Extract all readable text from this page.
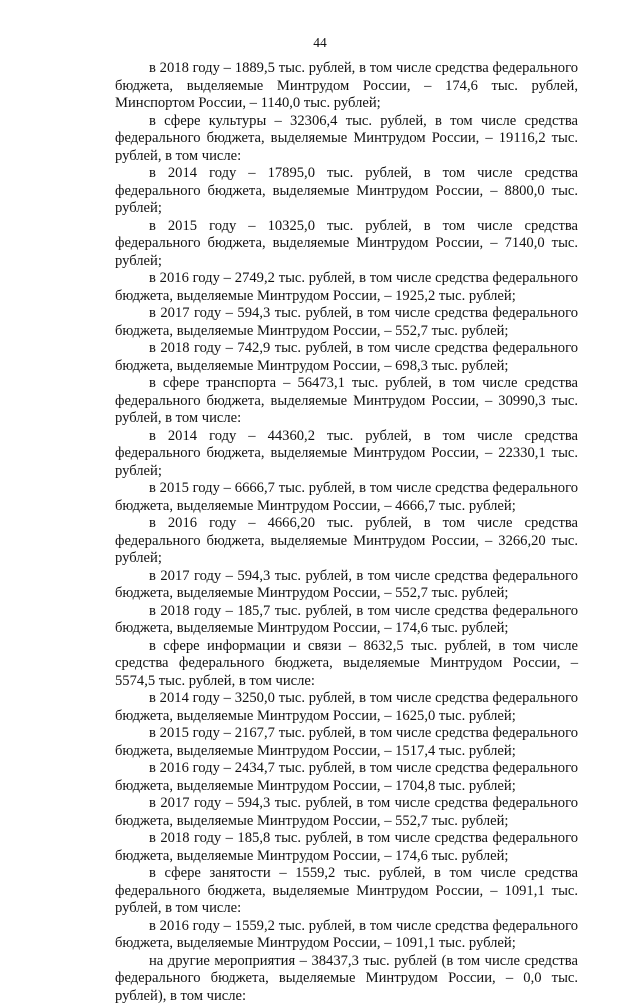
44

в 2018 году – 1889,5 тыс. рублей, в том числе средства федерального бюджета, выделяемые Минтрудом России, – 174,6 тыс. рублей, Минспортом России, – 1140,0 тыс. рублей;

в сфере культуры – 32306,4 тыс. рублей, в том числе средства федерального бюджета, выделяемые Минтрудом России, – 19116,2 тыс. рублей, в том числе:

в 2014 году – 17895,0 тыс. рублей, в том числе средства федерального бюджета, выделяемые Минтрудом России, – 8800,0 тыс. рублей;

в 2015 году – 10325,0 тыс. рублей, в том числе средства федерального бюджета, выделяемые Минтрудом России, – 7140,0 тыс. рублей;

в 2016 году – 2749,2 тыс. рублей, в том числе средства федерального бюджета, выделяемые Минтрудом России, – 1925,2 тыс. рублей;

в 2017 году – 594,3 тыс. рублей, в том числе средства федерального бюджета, выделяемые Минтрудом России, – 552,7 тыс. рублей;

в 2018 году – 742,9 тыс. рублей, в том числе средства федерального бюджета, выделяемые Минтрудом России, – 698,3 тыс. рублей;

в сфере транспорта – 56473,1 тыс. рублей, в том числе средства федерального бюджета, выделяемые Минтрудом России, – 30990,3 тыс. рублей, в том числе:

в 2014 году – 44360,2 тыс. рублей, в том числе средства федерального бюджета, выделяемые Минтрудом России, – 22330,1 тыс. рублей;

в 2015 году – 6666,7 тыс. рублей, в том числе средства федерального бюджета, выделяемые Минтрудом России, – 4666,7 тыс. рублей;

в 2016 году – 4666,20 тыс. рублей, в том числе средства федерального бюджета, выделяемые Минтрудом России, – 3266,20 тыс. рублей;

в 2017 году – 594,3 тыс. рублей, в том числе средства федерального бюджета, выделяемые Минтрудом России, – 552,7 тыс. рублей;

в 2018 году – 185,7 тыс. рублей, в том числе средства федерального бюджета, выделяемые Минтрудом России, – 174,6 тыс. рублей;

в сфере информации и связи – 8632,5 тыс. рублей, в том числе средства федерального бюджета, выделяемые Минтрудом России, – 5574,5 тыс. рублей, в том числе:

в 2014 году – 3250,0 тыс. рублей, в том числе средства федерального бюджета, выделяемые Минтрудом России, – 1625,0 тыс. рублей;

в 2015 году – 2167,7 тыс. рублей, в том числе средства федерального бюджета, выделяемые Минтрудом России, – 1517,4 тыс. рублей;

в 2016 году – 2434,7 тыс. рублей, в том числе средства федерального бюджета, выделяемые Минтрудом России, – 1704,8 тыс. рублей;

в 2017 году – 594,3 тыс. рублей, в том числе средства федерального бюджета, выделяемые Минтрудом России, – 552,7 тыс. рублей;

в 2018 году – 185,8 тыс. рублей, в том числе средства федерального бюджета, выделяемые Минтрудом России, – 174,6 тыс. рублей;

в сфере занятости – 1559,2 тыс. рублей, в том числе средства федерального бюджета, выделяемые Минтрудом России, – 1091,1 тыс. рублей, в том числе:

в 2016 году – 1559,2 тыс. рублей, в том числе средства федерального бюджета, выделяемые Минтрудом России, – 1091,1 тыс. рублей;

на другие мероприятия – 38437,3 тыс. рублей (в том числе средства федерального бюджета, выделяемые Минтрудом России, – 0,0 тыс. рублей), в том числе:
